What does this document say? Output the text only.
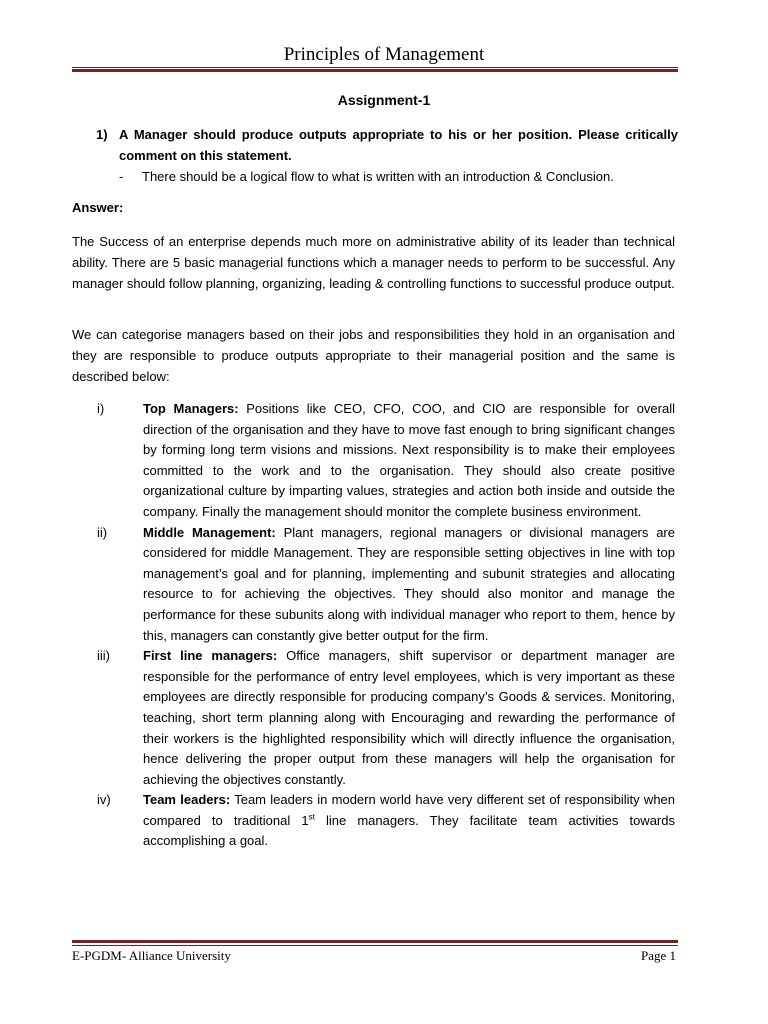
Principles of Management
Assignment-1
1) A Manager should produce outputs appropriate to his or her position. Please critically comment on this statement.
- There should be a logical flow to what is written with an introduction & Conclusion.
Answer:

The Success of an enterprise depends much more on administrative ability of its leader than technical ability. There are 5 basic managerial functions which a manager needs to perform to be successful. Any manager should follow planning, organizing, leading & controlling functions to successful produce output.

We can categorise managers based on their jobs and responsibilities they hold in an organisation and they are responsible to produce outputs appropriate to their managerial position and the same is described below:

i)	Top Managers: Positions like CEO, CFO, COO, and CIO are responsible for overall direction of the organisation and they have to move fast enough to bring significant changes by forming long term visions and missions. Next responsibility is to make their employees committed to the work and to the organisation. They should also create positive organizational culture by imparting values, strategies and action both inside and outside the company. Finally the management should monitor the complete business environment.
ii)	Middle Management: Plant managers, regional managers or divisional managers are considered for middle Management. They are responsible setting objectives in line with top management’s goal and for planning, implementing and subunit strategies and allocating resource to for achieving the objectives. They should also monitor and manage the performance for these subunits along with individual manager who report to them, hence by this, managers can constantly give better output for the firm.
iii)	First line managers: Office managers, shift supervisor or department manager are responsible for the performance of entry level employees, which is very important as these employees are directly responsible for producing company’s Goods & services. Monitoring, teaching, short term planning along with Encouraging and rewarding the performance of their workers is the highlighted responsibility which will directly influence the organisation, hence delivering the proper output from these managers will help the organisation for achieving the objectives constantly.
iv) Team leaders: Team leaders in modern world have very different set of responsibility when compared to traditional 1st line managers. They facilitate team activities towards accomplishing a goal.
E-PGDM- Alliance University	Page 1
